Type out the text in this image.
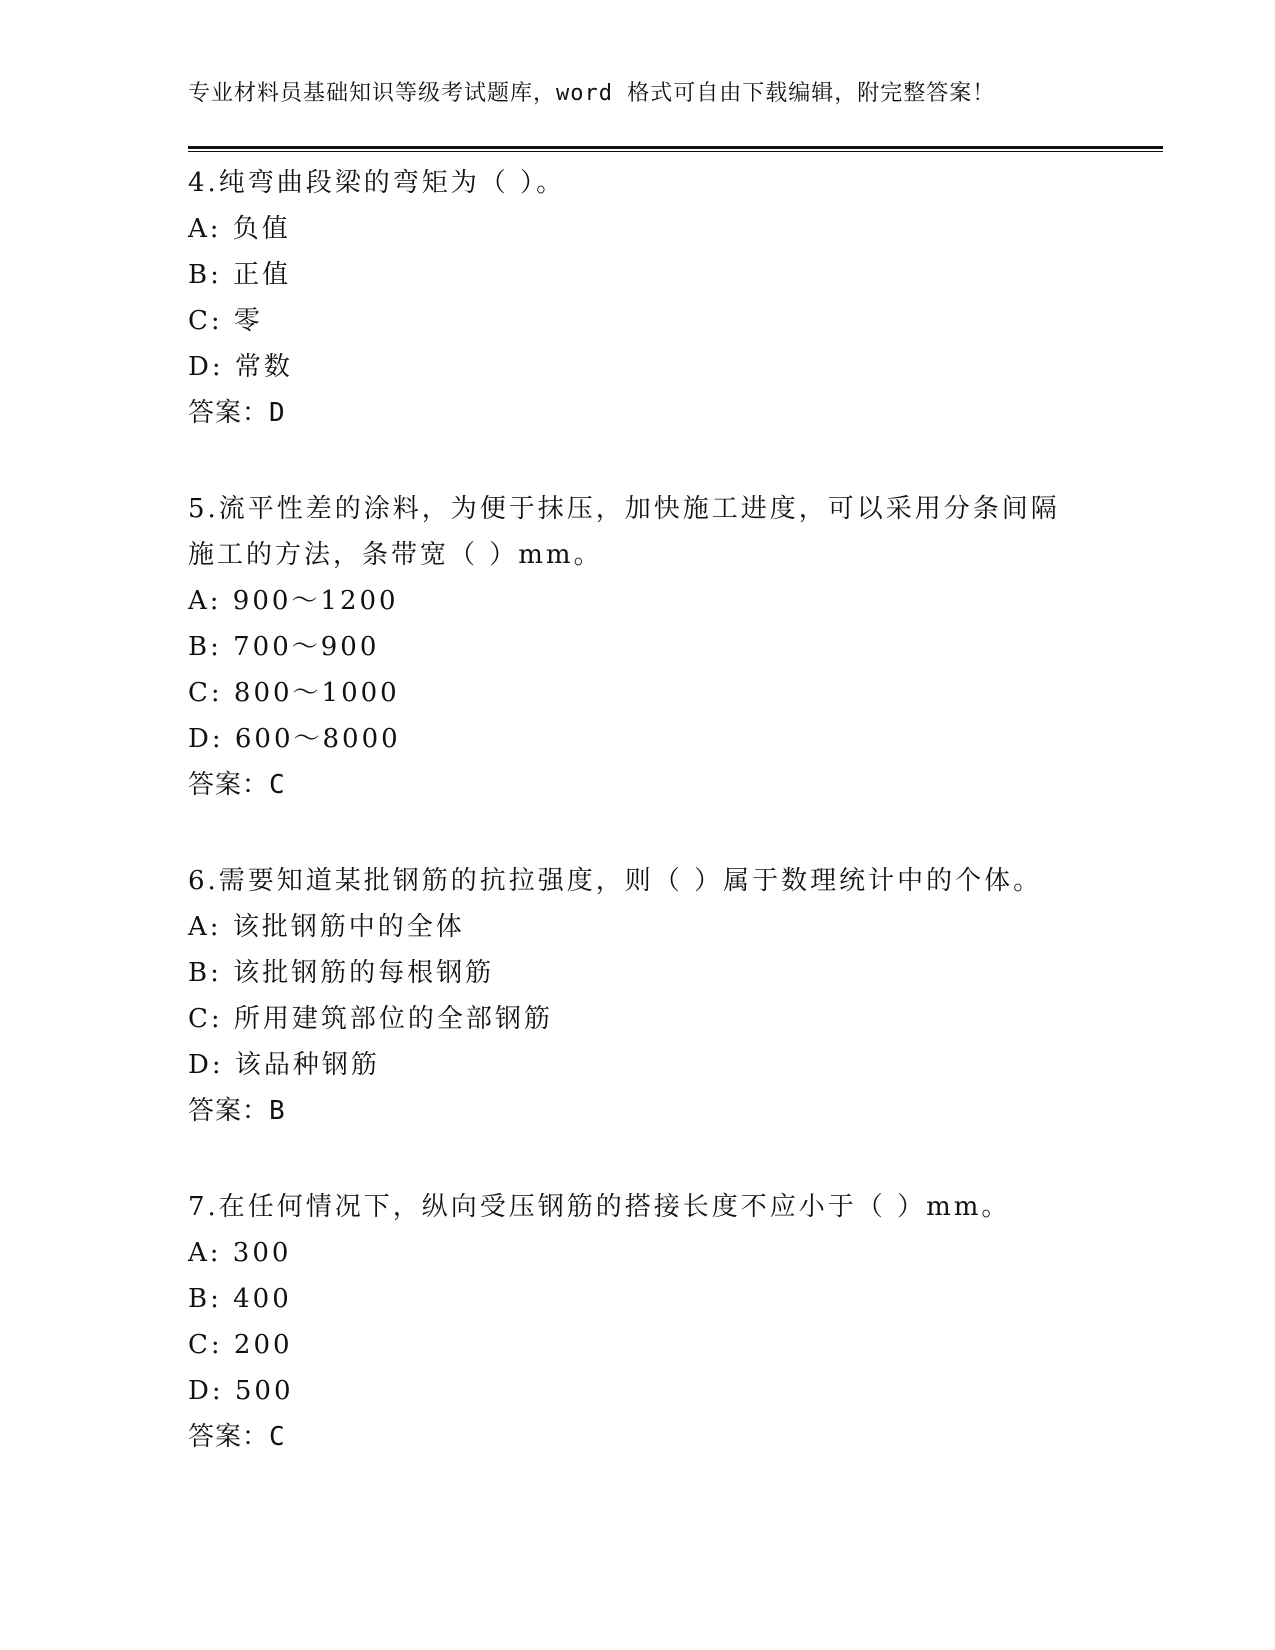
专业材料员基础知识等级考试题库，word 格式可自由下载编辑，附完整答案！
4.纯弯曲段梁的弯矩为（ ）。
A: 负值
B: 正值
C: 零
D: 常数
答案：D
5.流平性差的涂料，为便于抹压，加快施工进度，可以采用分条间隔
施工的方法，条带宽（ ）mm。
A: 900～1200
B: 700～900
C: 800～1000
D: 600～8000
答案：C
6.需要知道某批钢筋的抗拉强度，则（ ）属于数理统计中的个体。
A: 该批钢筋中的全体
B: 该批钢筋的每根钢筋
C: 所用建筑部位的全部钢筋
D: 该品种钢筋
答案：B
7.在任何情况下，纵向受压钢筋的搭接长度不应小于（ ）mm。
A: 300
B: 400
C: 200
D: 500
答案：C
